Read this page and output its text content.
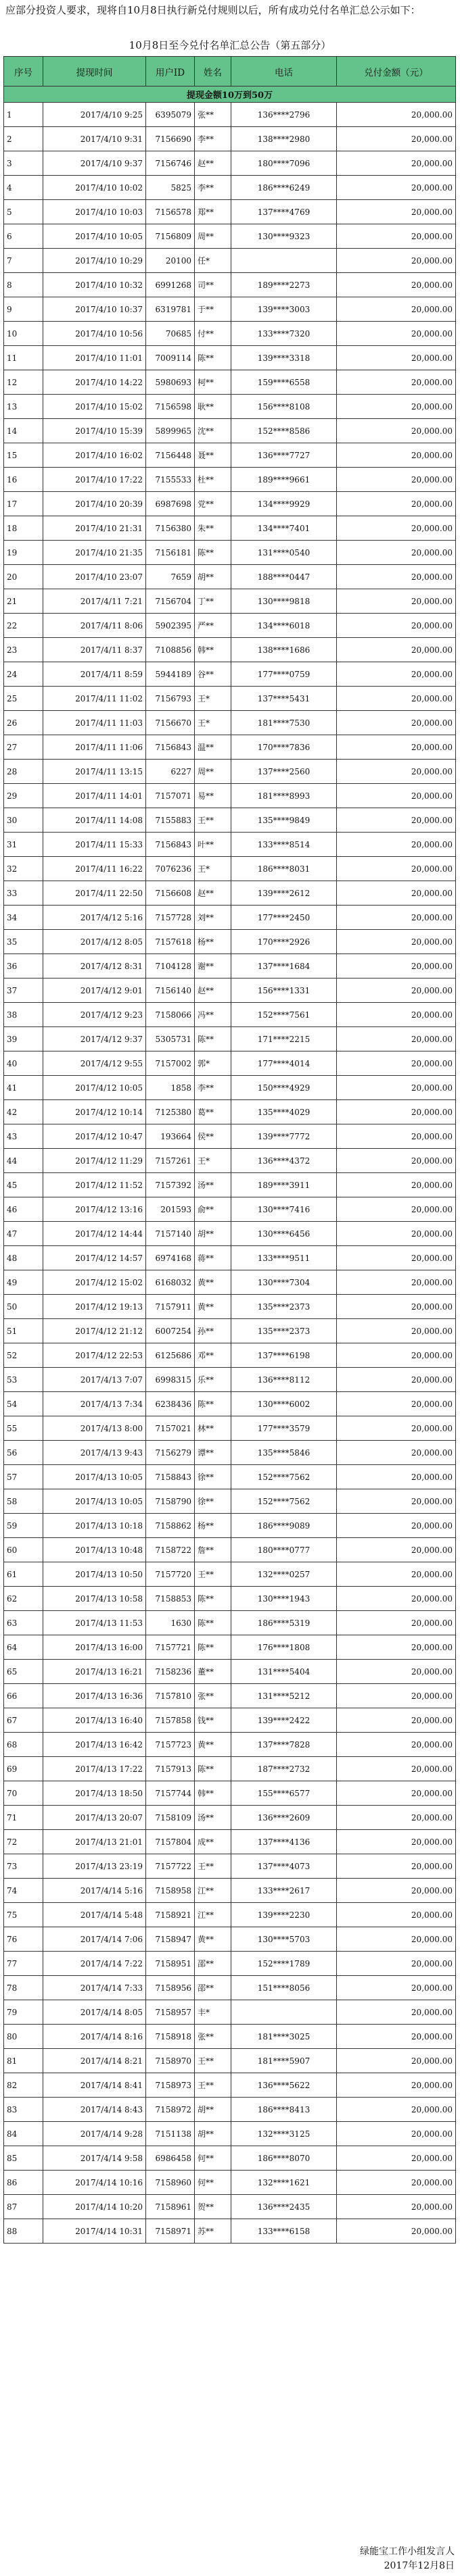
应部分投资人要求，现将自10月8日执行新兑付规则以后，所有成功兑付名单汇总公示如下：

10月8日至今兑付名单汇总公告（第五部分）
序号	提现时间	用户ID	姓名	电话	兑付金额（元）
提现金额10万到50万					
1	2017/4/10 9:25	6395079	张**	136****2796	20,000.00
2	2017/4/10 9:31	7156690	李**	138****2980	20,000.00
3	2017/4/10 9:37	7156746	赵**	180****7096	20,000.00
4	2017/4/10 10:02	5825	李**	186****6249	20,000.00
5	2017/4/10 10:03	7156578	郑**	137****4769	20,000.00
6	2017/4/10 10:05	7156809	周**	130****9323	20,000.00
7	2017/4/10 10:29	20100	任*		20,000.00
8	2017/4/10 10:32	6991268	司**	189****2273	20,000.00
9	2017/4/10 10:37	6319781	于**	139****3003	20,000.00
10	2017/4/10 10:56	70685	付**	133****7320	20,000.00
11	2017/4/10 11:01	7009114	陈**	139****3318	20,000.00
12	2017/4/10 14:22	5980693	柯**	159****6558	20,000.00
13	2017/4/10 15:02	7156598	耿**	156****8108	20,000.00
14	2017/4/10 15:39	5899965	沈**	152****8586	20,000.00
15	2017/4/10 16:02	7156448	聂**	136****7727	20,000.00
16	2017/4/10 17:22	7155533	杜**	189****9661	20,000.00
17	2017/4/10 20:39	6987698	党**	134****9929	20,000.00
18	2017/4/10 21:31	7156380	朱**	134****7401	20,000.00
19	2017/4/10 21:35	7156181	陈**	131****0540	20,000.00
20	2017/4/10 23:07	7659	胡**	188****0447	20,000.00
21	2017/4/11 7:21	7156704	丁**	130****9818	20,000.00
22	2017/4/11 8:06	5902395	严**	134****6018	20,000.00
23	2017/4/11 8:37	7108856	韩**	138****1686	20,000.00
24	2017/4/11 8:59	5944189	谷**	177****0759	20,000.00
25	2017/4/11 11:02	7156793	王*	137****5431	20,000.00
26	2017/4/11 11:03	7156670	王*	181****7530	20,000.00
27	2017/4/11 11:06	7156843	温**	170****7836	20,000.00
28	2017/4/11 13:15	6227	周**	137****2560	20,000.00
29	2017/4/11 14:01	7157071	易**	181****8993	20,000.00
30	2017/4/11 14:08	7155883	王**	135****9849	20,000.00
31	2017/4/11 15:33	7156843	叶**	133****8514	20,000.00
32	2017/4/11 16:22	7076236	王*	186****8031	20,000.00
33	2017/4/11 22:50	7156608	赵**	139****2612	20,000.00
34	2017/4/12 5:16	7157728	刘**	177****2450	20,000.00
35	2017/4/12 8:05	7157618	杨**	170****2926	20,000.00
36	2017/4/12 8:31	7104128	谢**	137****1684	20,000.00
37	2017/4/12 9:01	7156140	赵**	156****1331	20,000.00
38	2017/4/12 9:23	7158066	冯**	152****7561	20,000.00
39	2017/4/12 9:37	5305731	陈**	171****2215	20,000.00
40	2017/4/12 9:55	7157002	郭*	177****4014	20,000.00
41	2017/4/12 10:05	1858	李**	150****4929	20,000.00
42	2017/4/12 10:14	7125380	葛**	135****4029	20,000.00
43	2017/4/12 10:47	193664	侯**	139****7772	20,000.00
44	2017/4/12 11:29	7157261	王*	136****4372	20,000.00
45	2017/4/12 11:52	7157392	汤**	189****3911	20,000.00
46	2017/4/12 13:16	201593	俞**	130****7416	20,000.00
47	2017/4/12 14:44	7157140	胡**	130****6456	20,000.00
48	2017/4/12 14:57	6974168	蒋**	133****9511	20,000.00
49	2017/4/12 15:02	6168032	黄**	130****7304	20,000.00
50	2017/4/12 19:13	7157911	黄**	135****2373	20,000.00
51	2017/4/12 21:12	6007254	孙**	135****2373	20,000.00
52	2017/4/12 22:53	6125686	邓**	137****6198	20,000.00
53	2017/4/13 7:07	6998315	乐**	136****8112	20,000.00
54	2017/4/13 7:34	6238436	陈**	130****6002	20,000.00
55	2017/4/13 8:00	7157021	林**	177****3579	20,000.00
56	2017/4/13 9:43	7156279	谭**	135****5846	20,000.00
57	2017/4/13 10:05	7158843	徐**	152****7562	20,000.00
58	2017/4/13 10:05	7158790	徐**	152****7562	20,000.00
59	2017/4/13 10:18	7158862	杨**	186****9089	20,000.00
60	2017/4/13 10:48	7158722	詹**	180****0777	20,000.00
61	2017/4/13 10:50	7157720	王**	132****0257	20,000.00
62	2017/4/13 10:58	7158853	陈**	130****1943	20,000.00
63	2017/4/13 11:53	1630	陈**	186****5319	20,000.00
64	2017/4/13 16:00	7157721	陈**	176****1808	20,000.00
65	2017/4/13 16:21	7158236	董**	131****5404	20,000.00
66	2017/4/13 16:36	7157810	张**	131****5212	20,000.00
67	2017/4/13 16:40	7157858	钱**	139****2422	20,000.00
68	2017/4/13 16:42	7157723	黄**	137****7828	20,000.00
69	2017/4/13 17:22	7157913	陈**	187****2732	20,000.00
70	2017/4/13 18:50	7157744	韩**	155****6577	20,000.00
71	2017/4/13 20:07	7158109	汤**	136****2609	20,000.00
72	2017/4/13 21:01	7157804	成**	137****4136	20,000.00
73	2017/4/13 23:19	7157722	王**	137****4073	20,000.00
74	2017/4/14 5:16	7158958	江**	133****2617	20,000.00
75	2017/4/14 5:48	7158921	江**	139****2230	20,000.00
76	2017/4/14 7:06	7158947	黄**	130****5703	20,000.00
77	2017/4/14 7:22	7158951	邵**	152****1789	20,000.00
78	2017/4/14 7:33	7158956	邵**	151****8056	20,000.00
79	2017/4/14 8:05	7158957	丰*		20,000.00
80	2017/4/14 8:16	7158918	张**	181****3025	20,000.00
81	2017/4/14 8:21	7158970	王**	181****5907	20,000.00
82	2017/4/14 8:41	7158973	王**	136****5622	20,000.00
83	2017/4/14 8:43	7158972	胡**	186****8413	20,000.00
84	2017/4/14 9:28	7151138	胡**	132****3125	20,000.00
85	2017/4/14 9:58	6986458	何**	186****8070	20,000.00
86	2017/4/14 10:16	7158960	何**	132****1621	20,000.00
87	2017/4/14 10:20	7158961	贺**	136****2435	20,000.00
88	2017/4/14 10:31	7158971	苏**	133****6158	20,000.00

绿能宝工作小组发言人

2017年12月8日
